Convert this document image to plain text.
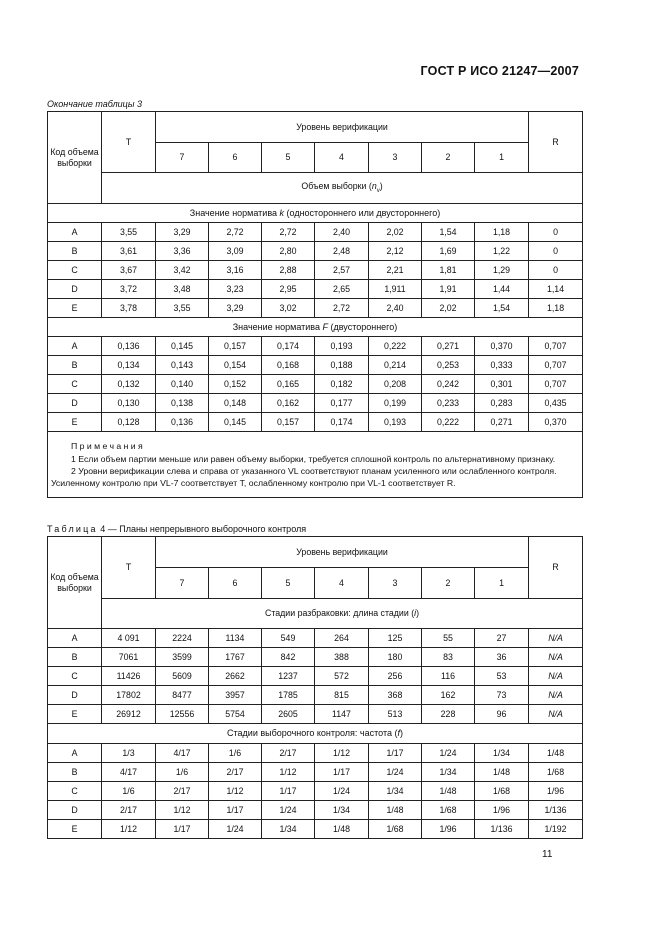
ГОСТ Р ИСО 21247—2007
Окончание таблицы 3
Код объема выборки	T	Уровень верификации							R
		7	6	5	4	3	2	1	
	Объем выборки $(n_v)$								
Значение норматива k (одностороннего или двустороннего)									
A	3,55	3,29	2,72	2,72	2,40	2,02	1,54	1,18	0
B	3,61	3,36	3,09	2,80	2,48	2,12	1,69	1,22	0
C	3,67	3,42	3,16	2,88	2,57	2,21	1,81	1,29	0
D	3,72	3,48	3,23	2,95	2,65	1,911	1,91	1,44	1,14
E	3,78	3,55	3,29	3,02	2,72	2,40	2,02	1,54	1,18
Значение норматива F (двустороннего)									
A	0,136	0,145	0,157	0,174	0,193	0,222	0,271	0,370	0,707
B	0,134	0,143	0,154	0,168	0,188	0,214	0,253	0,333	0,707
C	0,132	0,140	0,152	0,165	0,182	0,208	0,242	0,301	0,707
D	0,130	0,138	0,148	0,162	0,177	0,199	0,233	0,283	0,435
E	0,128	0,136	0,145	0,157	0,174	0,193	0,222	0,271	0,370

Примечания
1 Если объем партии меньше или равен объему выборки, требуется сплошной контроль по альтернативному признаку.
2 Уровни верификации слева и справа от указанного VL соответствуют планам усиленного или ослабленного контроля. Усиленному контролю при VL-7 соответствует T, ослабленному контролю при VL-1 соответствует R.									
Таблица 4 — Планы непрерывного выборочного контроля
Код объема выборки	T	Уровень верификации							R
		7	6	5	4	3	2	1	
	Стадии разбраковки: длина стадии (i)								
A	4 091	2224	1134	549	264	125	55	27	N/A
B	7061	3599	1767	842	388	180	83	36	N/A
C	11426	5609	2662	1237	572	256	116	53	N/A
D	17802	8477	3957	1785	815	368	162	73	N/A
E	26912	12556	5754	2605	1147	513	228	96	N/A
Стадии выборочного контроля: частота (f)									
A	1/3	4/17	1/6	2/17	1/12	1/17	1/24	1/34	1/48
B	4/17	1/6	2/17	1/12	1/17	1/24	1/34	1/48	1/68
C	1/6	2/17	1/12	1/17	1/24	1/34	1/48	1/68	1/96
D	2/17	1/12	1/17	1/24	1/34	1/48	1/68	1/96	1/136
E	1/12	1/17	1/24	1/34	1/48	1/68	1/96	1/136	1/192
11
